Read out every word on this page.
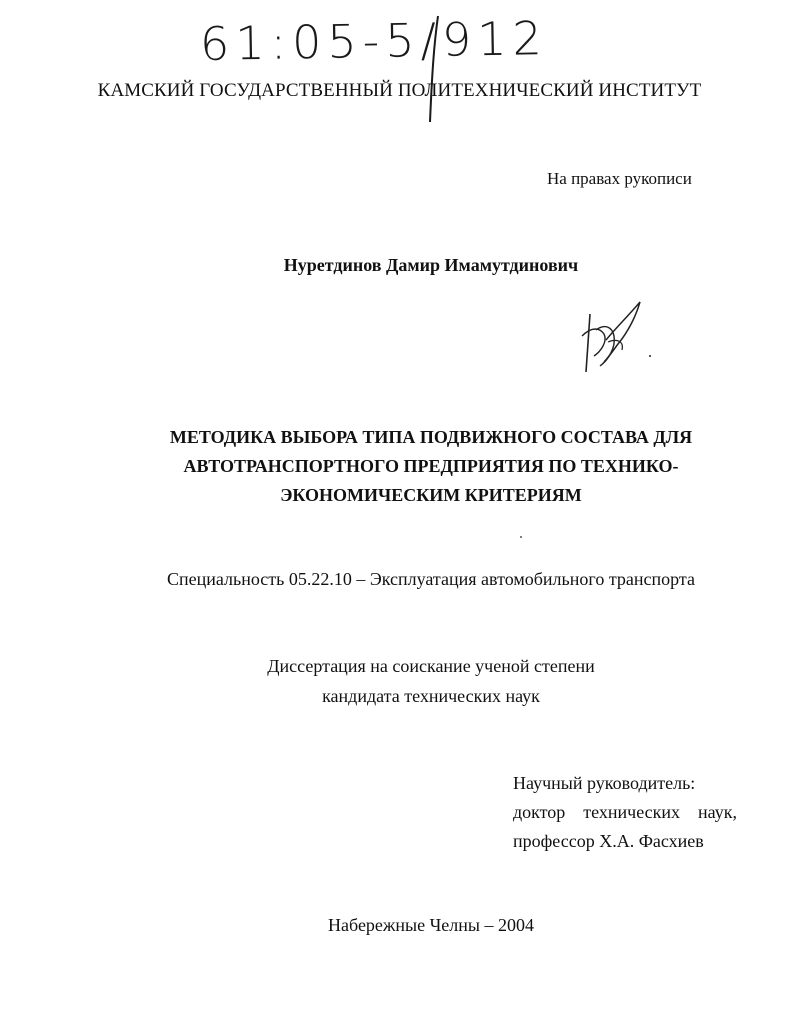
61:05-5/912
КАМСКИЙ ГОСУДАРСТВЕННЫЙ ПОЛИТЕХНИЧЕСКИЙ ИНСТИТУТ
На правах рукописи
Нуретдинов Дамир Имамутдинович
МЕТОДИКА ВЫБОРА ТИПА ПОДВИЖНОГО СОСТАВА ДЛЯ
АВТОТРАНСПОРТНОГО ПРЕДПРИЯТИЯ ПО ТЕХНИКО-
ЭКОНОМИЧЕСКИМ КРИТЕРИЯМ
Специальность 05.22.10 – Эксплуатация автомобильного транспорта
Диссертация на соискание ученой степени
кандидата технических наук
Научный руководитель:
доктор технических наук,
профессор Х.А. Фасхиев
Набережные Челны – 2004
